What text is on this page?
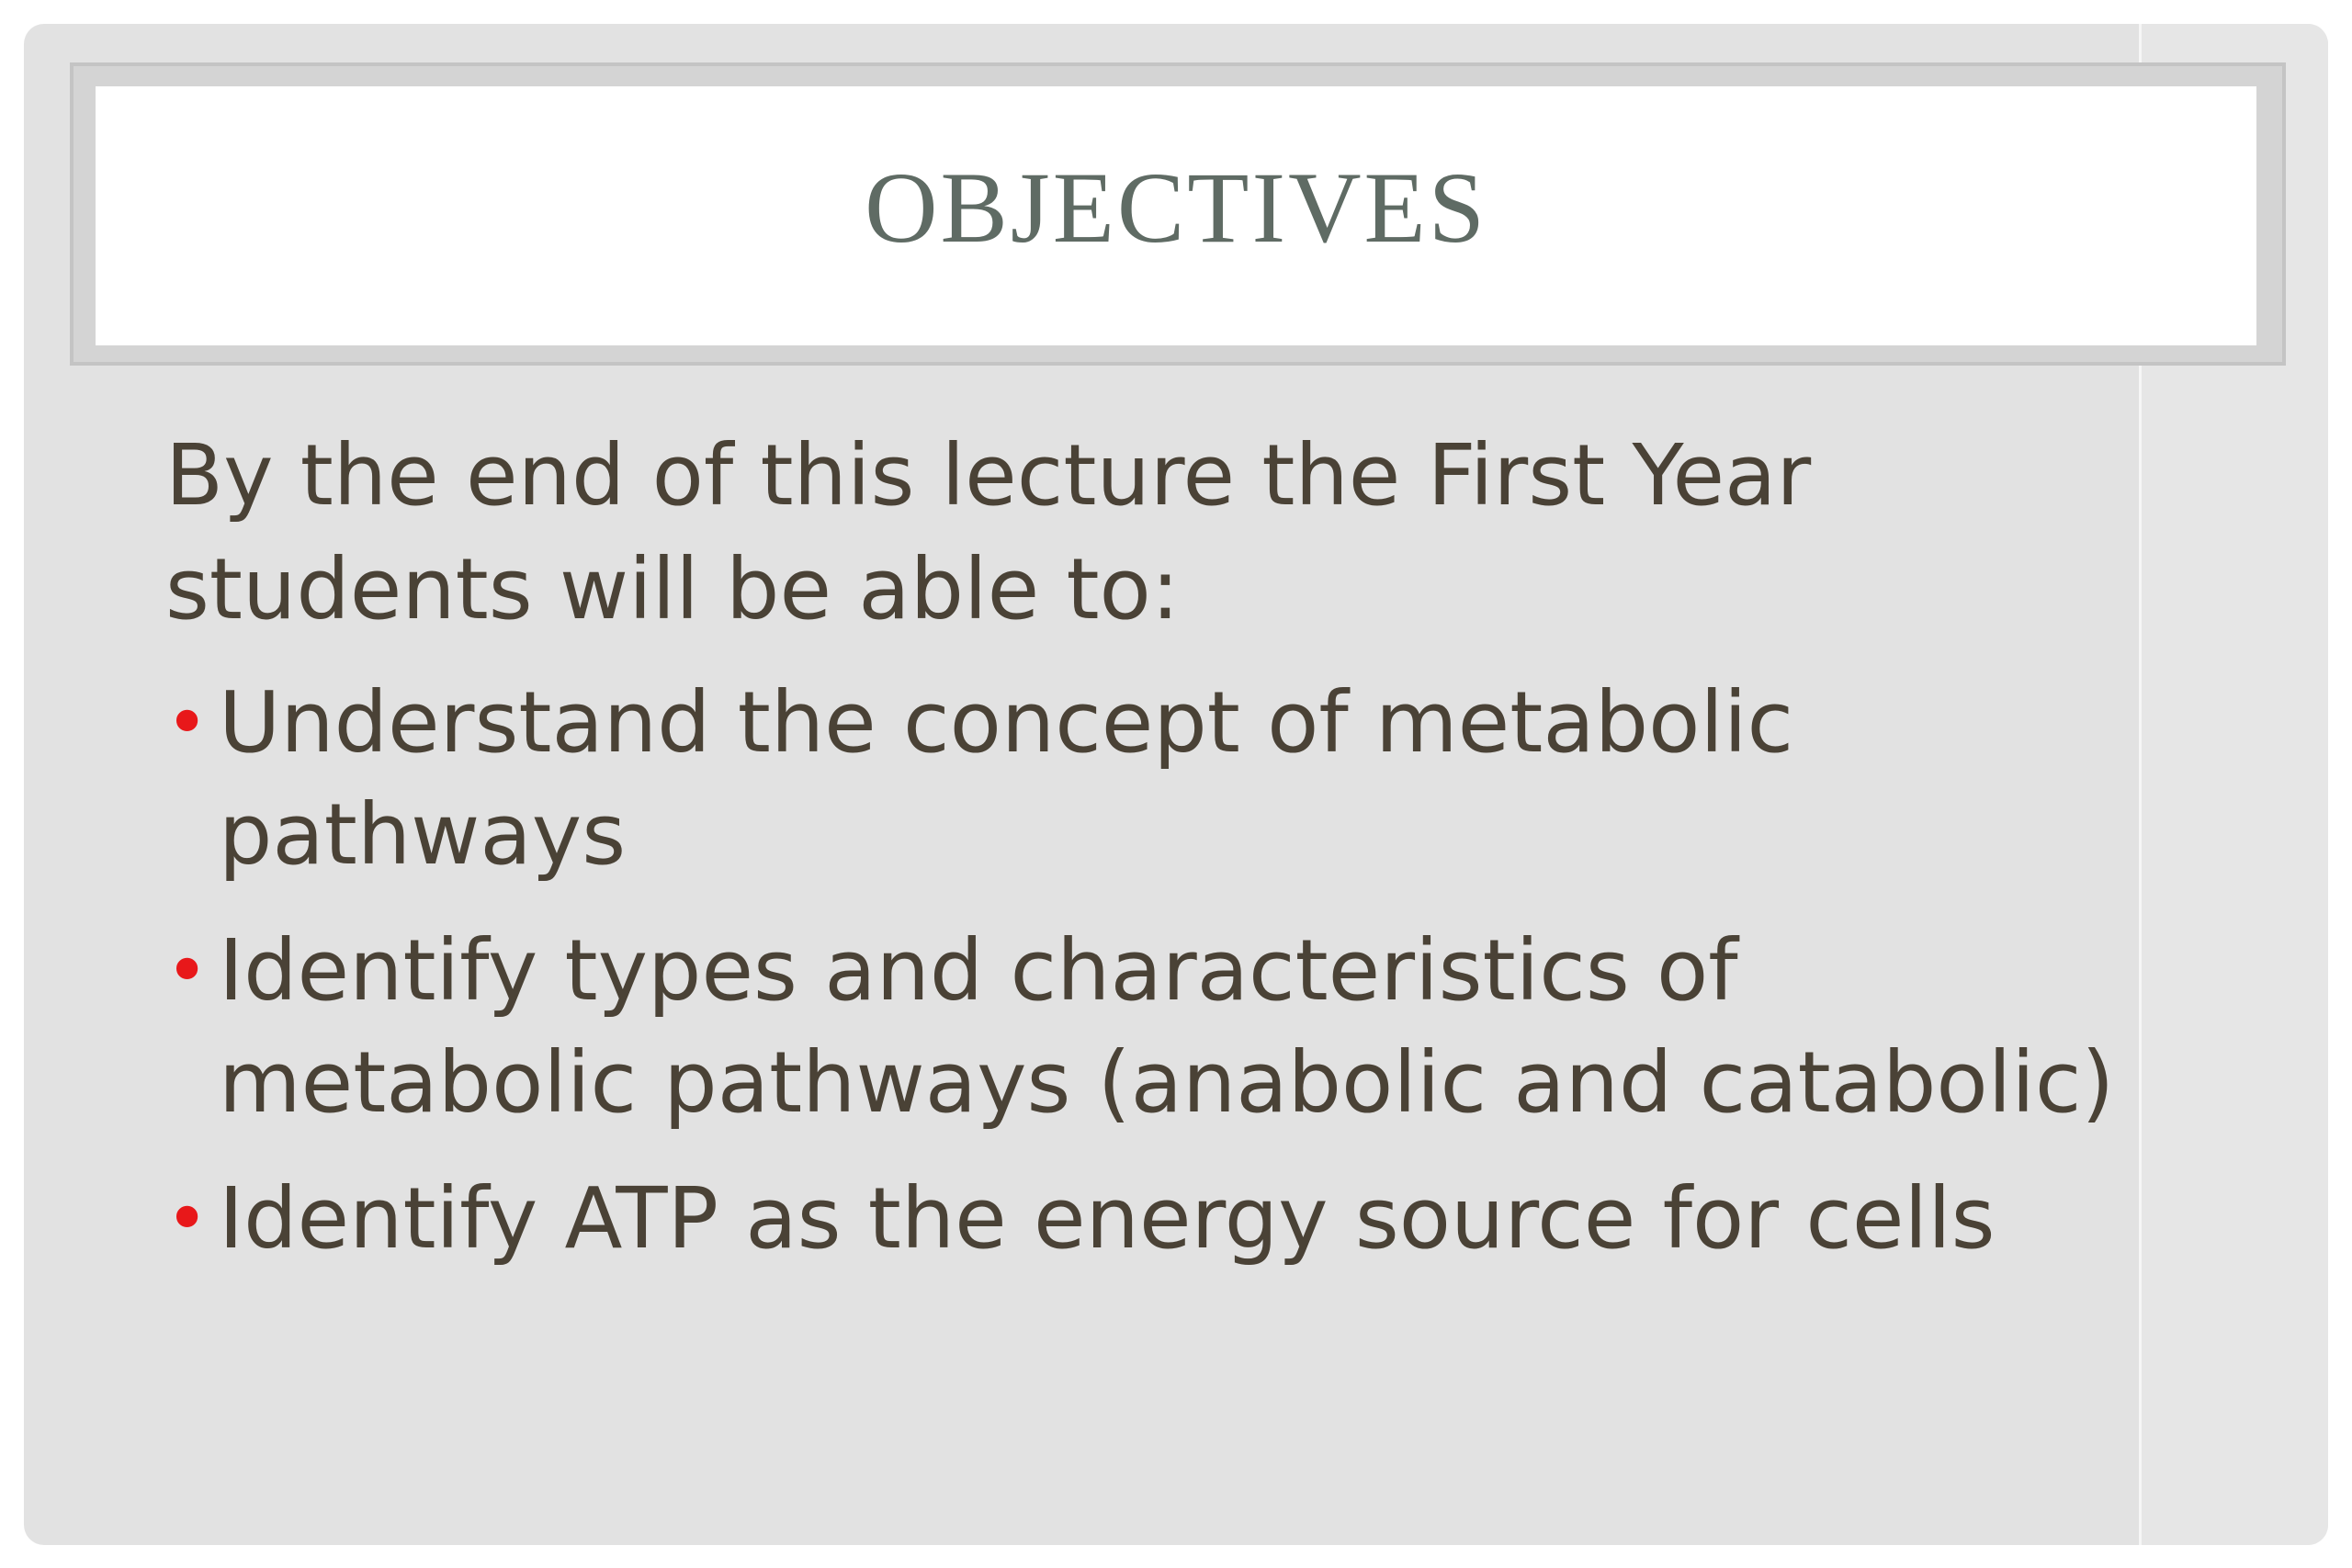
OBJECTIVES

By the end of this lecture the First Year students will be able to:

• Understand the concept of metabolic pathways
• Identify types and characteristics of metabolic pathways (anabolic and catabolic)
• Identify ATP as the energy source for cells
